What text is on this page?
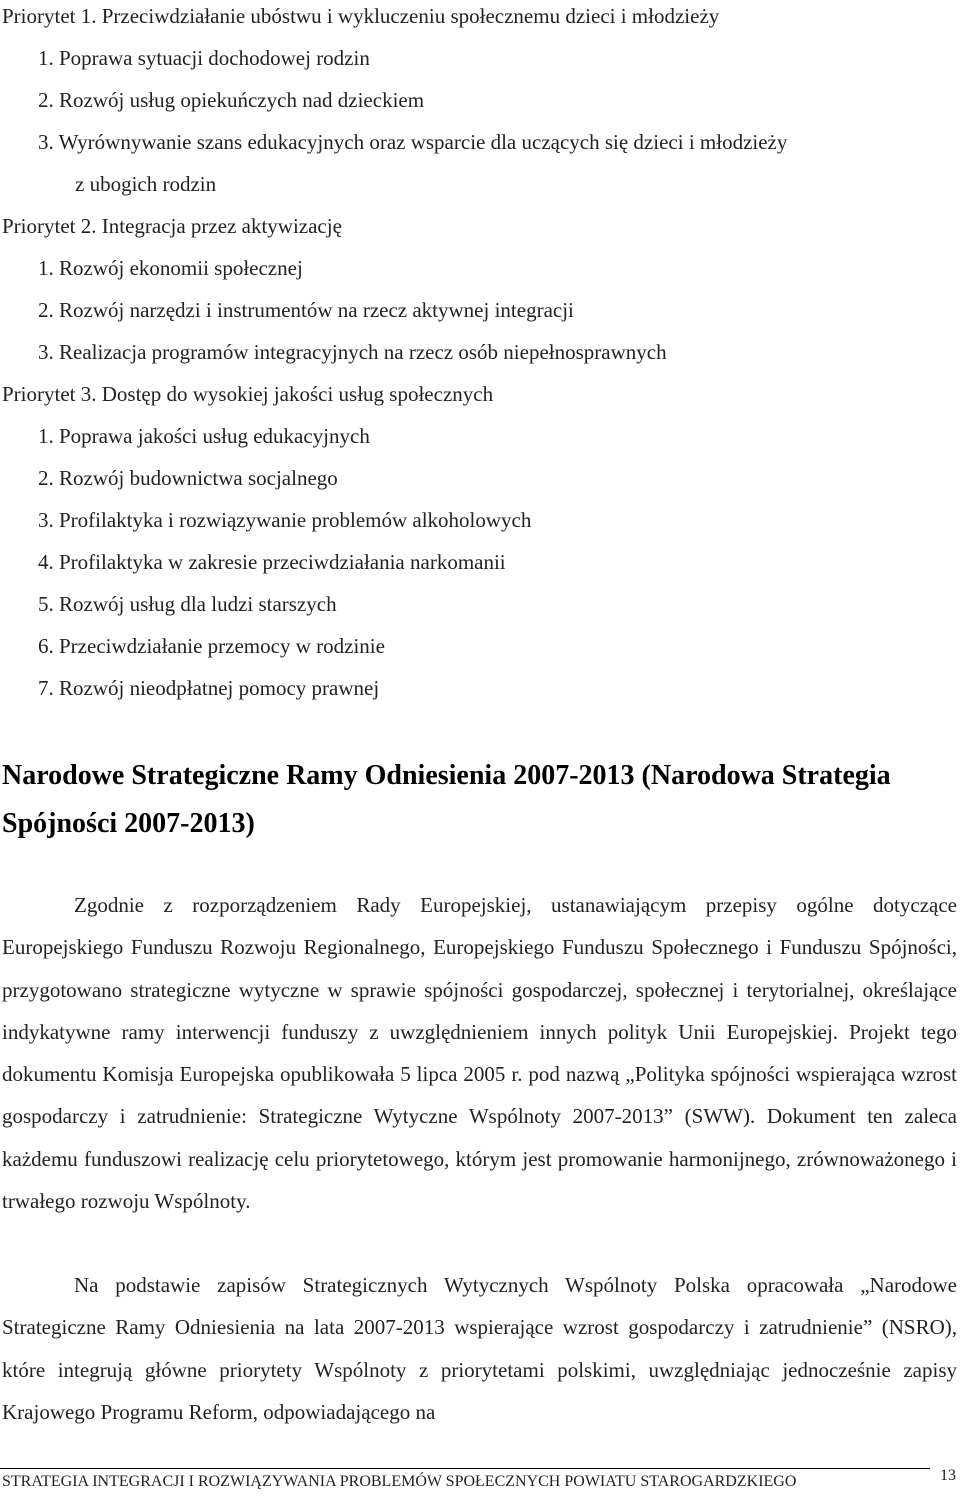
Priorytet 1. Przeciwdziałanie ubóstwu i wykluczeniu społecznemu dzieci i młodzieży
1. Poprawa sytuacji dochodowej rodzin
2. Rozwój usług opiekuńczych nad dzieckiem
3. Wyrównywanie szans edukacyjnych oraz wsparcie dla uczących się dzieci i młodzieży
z ubogich rodzin
Priorytet 2. Integracja przez aktywizację
1. Rozwój ekonomii społecznej
2. Rozwój narzędzi i instrumentów na rzecz aktywnej integracji
3. Realizacja programów integracyjnych na rzecz osób niepełnosprawnych
Priorytet 3. Dostęp do wysokiej jakości usług społecznych
1. Poprawa jakości usług edukacyjnych
2. Rozwój budownictwa socjalnego
3. Profilaktyka i rozwiązywanie problemów alkoholowych
4. Profilaktyka w zakresie przeciwdziałania narkomanii
5. Rozwój usług dla ludzi starszych
6. Przeciwdziałanie przemocy w rodzinie
7. Rozwój nieodpłatnej pomocy prawnej
Narodowe Strategiczne Ramy Odniesienia 2007-2013 (Narodowa Strategia
Spójności 2007-2013)
Zgodnie z rozporządzeniem Rady Europejskiej, ustanawiającym przepisy ogólne dotyczące Europejskiego Funduszu Rozwoju Regionalnego, Europejskiego Funduszu Społecznego i Funduszu Spójności, przygotowano strategiczne wytyczne w sprawie spójności gospodarczej, społecznej i terytorialnej, określające indykatywne ramy interwencji funduszy z uwzględnieniem innych polityk Unii Europejskiej. Projekt tego dokumentu Komisja Europejska opublikowała 5 lipca 2005 r. pod nazwą „Polityka spójności wspierająca wzrost gospodarczy i zatrudnienie: Strategiczne Wytyczne Wspólnoty 2007-2013” (SWW). Dokument ten zaleca każdemu funduszowi realizację celu priorytetowego, którym jest promowanie harmonijnego, zrównoważonego i trwałego rozwoju Wspólnoty.
Na podstawie zapisów Strategicznych Wytycznych Wspólnoty Polska opracowała „Narodowe Strategiczne Ramy Odniesienia na lata 2007-2013 wspierające wzrost gospodarczy i zatrudnienie” (NSRO), które integrują główne priorytety Wspólnoty z priorytetami polskimi, uwzględniając jednocześnie zapisy Krajowego Programu Reform, odpowiadającego na
STRATEGIA INTEGRACJI I ROZWIĄZYWANIA PROBLEMÓW SPOŁECZNYCH POWIATU STAROGARDZKIEGO	13
